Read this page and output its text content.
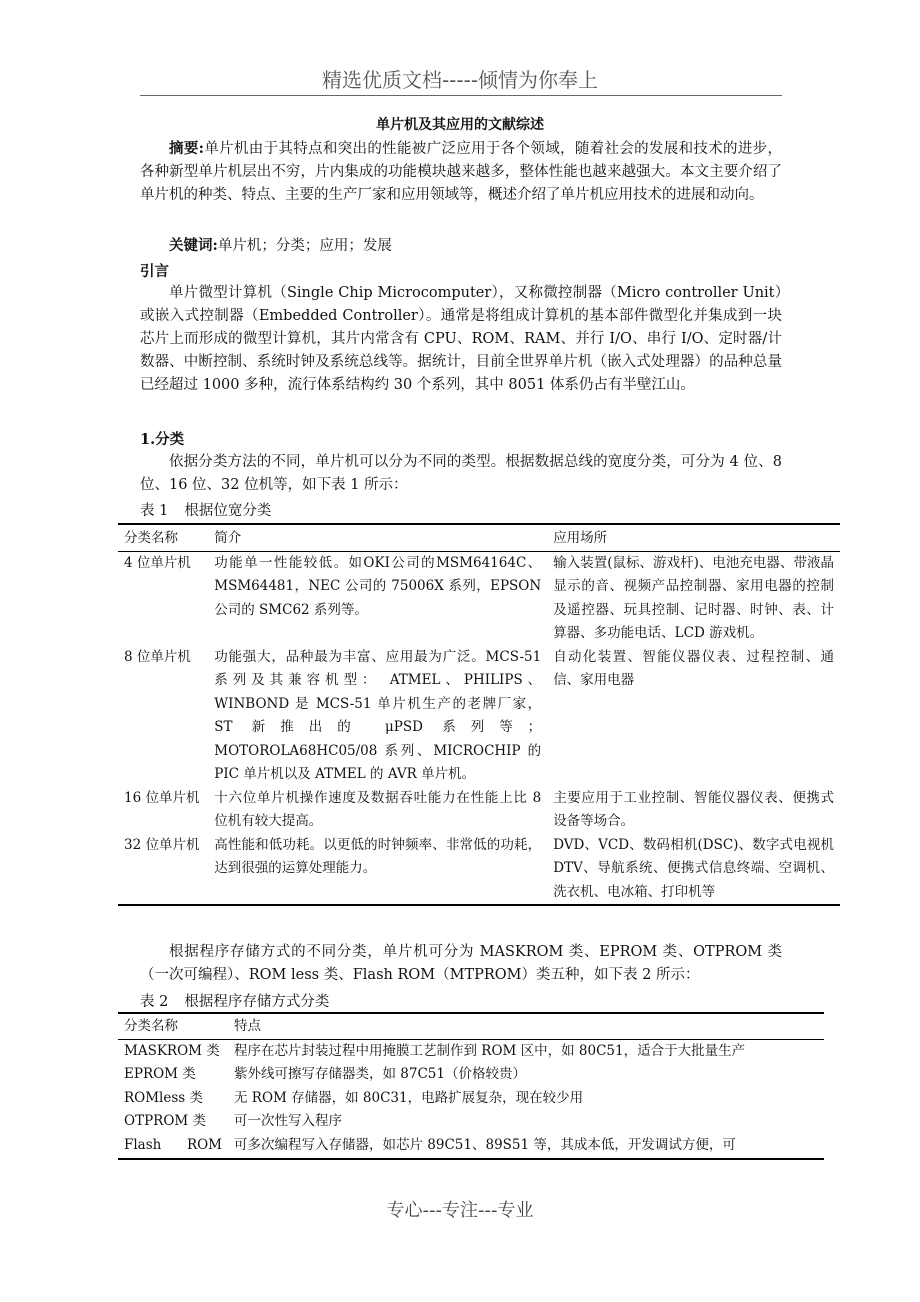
精选优质文档-----倾情为你奉上
单片机及其应用的文献综述

摘要:单片机由于其特点和突出的性能被广泛应用于各个领域，随着社会的发展和技术的进步，各种新型单片机层出不穷，片内集成的功能模块越来越多，整体性能也越来越强大。本文主要介绍了单片机的种类、特点、主要的生产厂家和应用领域等，概述介绍了单片机应用技术的进展和动向。

关键词:单片机；分类；应用；发展

引言

单片微型计算机（Single Chip Microcomputer），又称微控制器（Micro controller Unit）或嵌入式控制器（Embedded Controller）。通常是将组成计算机的基本部件微型化并集成到一块芯片上而形成的微型计算机，其片内常含有 CPU、ROM、RAM、并行 I/O、串行 I/O、定时器/计数器、中断控制、系统时钟及系统总线等。据统计，目前全世界单片机（嵌入式处理器）的品种总量已经超过 1000 多种，流行体系结构约 30 个系列，其中 8051 体系仍占有半壁江山。

1.分类

依据分类方法的不同，单片机可以分为不同的类型。根据数据总线的宽度分类，可分为 4 位、8 位、16 位、32 位机等，如下表 1 所示：

表 1 根据位宽分类

分类名称	简介	应用场所
4 位单片机	功能单一性能较低。如OKI公司的MSM64164C、MSM64481，NEC 公司的 75006X 系列，EPSON 公司的 SMC62 系列等。	输入装置(鼠标、游戏杆)、电池充电器、带液晶显示的音、视频产品控制器、家用电器的控制及遥控器、玩具控制、记时器、时钟、表、计算器、多功能电话、LCD 游戏机。
8 位单片机	功能强大，品种最为丰富、应用最为广泛。MCS-51 系列及其兼容机型： ATMEL、PHILIPS、WINBOND 是 MCS-51 单片机生产的老牌厂家， ST 新推出的 μPSD 系列等；MOTOROLA68HC05/08 系列、MICROCHIP 的 PIC 单片机以及 ATMEL 的 AVR 单片机。	自动化装置、智能仪器仪表、过程控制、通信、家用电器
16 位单片机	十六位单片机操作速度及数据吞吐能力在性能上比 8 位机有较大提高。	主要应用于工业控制、智能仪器仪表、便携式设备等场合。
32 位单片机	高性能和低功耗。以更低的时钟频率、非常低的功耗，达到很强的运算处理能力。	DVD、VCD、数码相机(DSC)、数字式电视机 DTV、导航系统、便携式信息终端、空调机、洗衣机、电冰箱、打印机等

根据程序存储方式的不同分类，单片机可分为 MASKROM 类、EPROM 类、OTPROM 类（一次可编程）、ROM less 类、Flash ROM（MTPROM）类五种，如下表 2 所示：

表 2 根据程序存储方式分类

分类名称	特点
MASKROM 类	程序在芯片封装过程中用掩膜工艺制作到 ROM 区中，如 80C51，适合于大批量生产
EPROM 类	紫外线可擦写存储器类，如 87C51（价格较贵）
ROMless 类	无 ROM 存储器，如 80C31，电路扩展复杂，现在较少用
OTPROM 类	可一次性写入程序
Flash ROM	可多次编程写入存储器，如芯片 89C51、89S51 等，其成本低，开发调试方便，可
专心---专注---专业
